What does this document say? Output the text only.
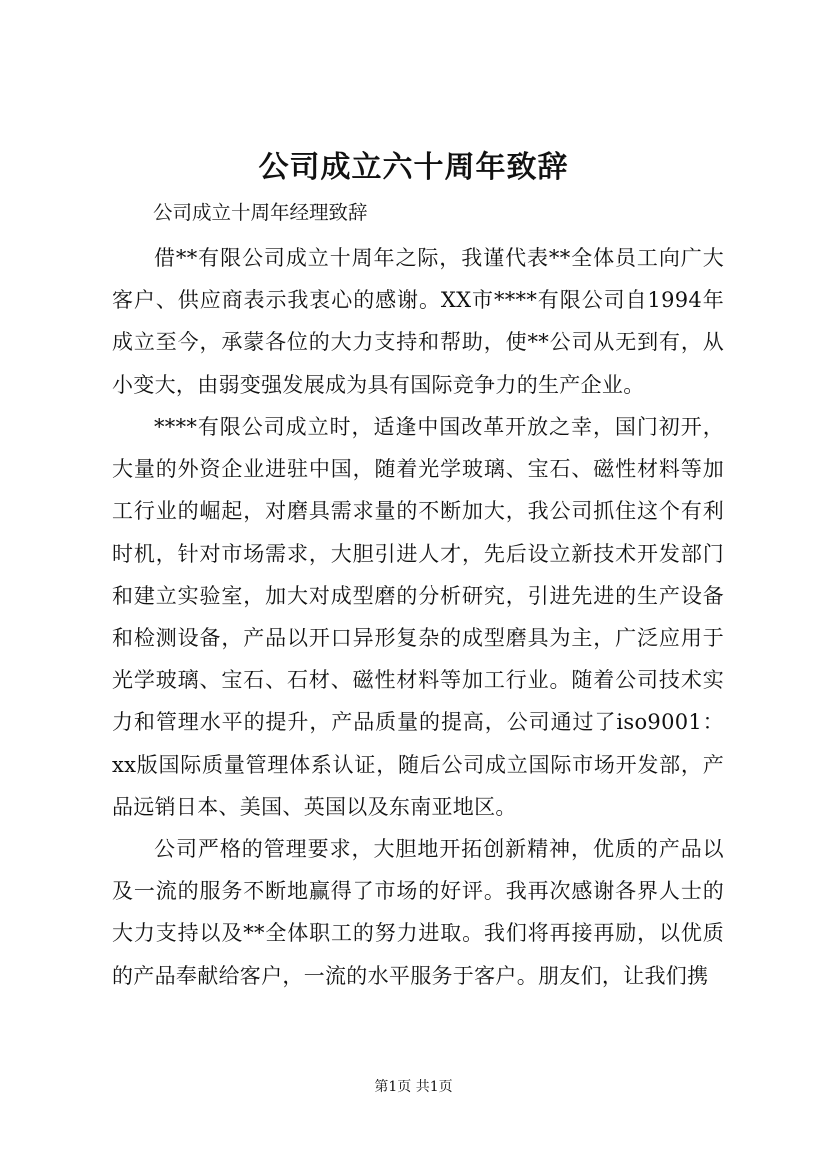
公司成立六十周年致辞

公司成立十周年经理致辞

借**有限公司成立十周年之际，我谨代表**全体员工向广大客户、供应商表示我衷心的感谢。XX市****有限公司自1994年成立至今，承蒙各位的大力支持和帮助，使**公司从无到有，从小变大，由弱变强发展成为具有国际竞争力的生产企业。

****有限公司成立时，适逢中国改革开放之幸，国门初开，大量的外资企业进驻中国，随着光学玻璃、宝石、磁性材料等加工行业的崛起，对磨具需求量的不断加大，我公司抓住这个有利时机，针对市场需求，大胆引进人才，先后设立新技术开发部门和建立实验室，加大对成型磨的分析研究，引进先进的生产设备和检测设备，产品以开口异形复杂的成型磨具为主，广泛应用于光学玻璃、宝石、石材、磁性材料等加工行业。随着公司技术实力和管理水平的提升，产品质量的提高，公司通过了iso9001：xx版国际质量管理体系认证，随后公司成立国际市场开发部，产品远销日本、美国、英国以及东南亚地区。

公司严格的管理要求，大胆地开拓创新精神，优质的产品以及一流的服务不断地赢得了市场的好评。我再次感谢各界人士的大力支持以及**全体职工的努力进取。我们将再接再励，以优质的产品奉献给客户，一流的水平服务于客户。朋友们，让我们携

第1页 共1页
